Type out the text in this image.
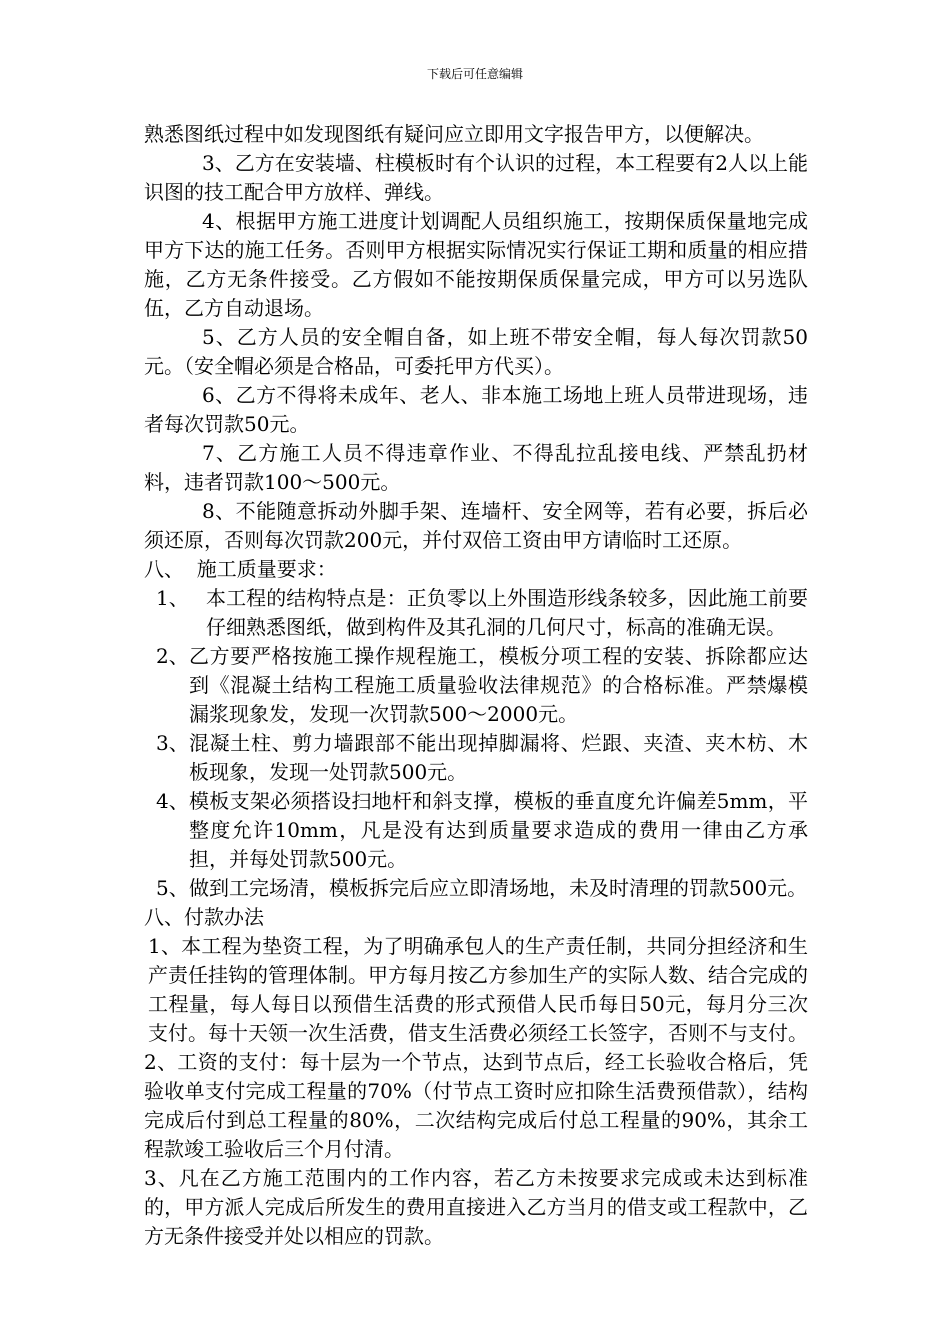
下载后可任意编辑

熟悉图纸过程中如发现图纸有疑问应立即用文字报告甲方，以便解决。

3、乙方在安装墙、柱模板时有个认识的过程，本工程要有2人以上能识图的技工配合甲方放样、弹线。

4、根据甲方施工进度计划调配人员组织施工，按期保质保量地完成甲方下达的施工任务。否则甲方根据实际情况实行保证工期和质量的相应措施，乙方无条件接受。乙方假如不能按期保质保量完成，甲方可以另选队伍，乙方自动退场。

5、乙方人员的安全帽自备，如上班不带安全帽，每人每次罚款50元。（安全帽必须是合格品，可委托甲方代买）。

6、乙方不得将未成年、老人、非本施工场地上班人员带进现场，违者每次罚款50元。

7、乙方施工人员不得违章作业、不得乱拉乱接电线、严禁乱扔材料，违者罚款100～500元。

8、不能随意拆动外脚手架、连墙杆、安全网等，若有必要，拆后必须还原，否则每次罚款200元，并付双倍工资由甲方请临时工还原。

八、  施工质量要求：

1、 本工程的结构特点是：正负零以上外围造形线条较多，因此施工前要仔细熟悉图纸，做到构件及其孔洞的几何尺寸，标高的准确无误。
2、 乙方要严格按施工操作规程施工，模板分项工程的安装、拆除都应达到《混凝土结构工程施工质量验收法律规范》的合格标准。严禁爆模漏浆现象发，发现一次罚款500～2000元。
3、 混凝土柱、剪力墙跟部不能出现掉脚漏将、烂跟、夹渣、夹木枋、木板现象，发现一处罚款500元。
4、 模板支架必须搭设扫地杆和斜支撑，模板的垂直度允许偏差5mm，平整度允许10mm，凡是没有达到质量要求造成的费用一律由乙方承担，并每处罚款500元。
5、 做到工完场清，模板拆完后应立即清场地，未及时清理的罚款500元。

八、付款办法

1、本工程为垫资工程，为了明确承包人的生产责任制，共同分担经济和生产责任挂钩的管理体制。甲方每月按乙方参加生产的实际人数、结合完成的工程量，每人每日以预借生活费的形式预借人民币每日50元，每月分三次支付。每十天领一次生活费，借支生活费必须经工长签字，否则不与支付。

2、工资的支付：每十层为一个节点，达到节点后，经工长验收合格后，凭验收单支付完成工程量的70%（付节点工资时应扣除生活费预借款），结构完成后付到总工程量的80%，二次结构完成后付总工程量的90%，其余工程款竣工验收后三个月付清。

3、凡在乙方施工范围内的工作内容，若乙方未按要求完成或未达到标准的，甲方派人完成后所发生的费用直接进入乙方当月的借支或工程款中，乙方无条件接受并处以相应的罚款。
